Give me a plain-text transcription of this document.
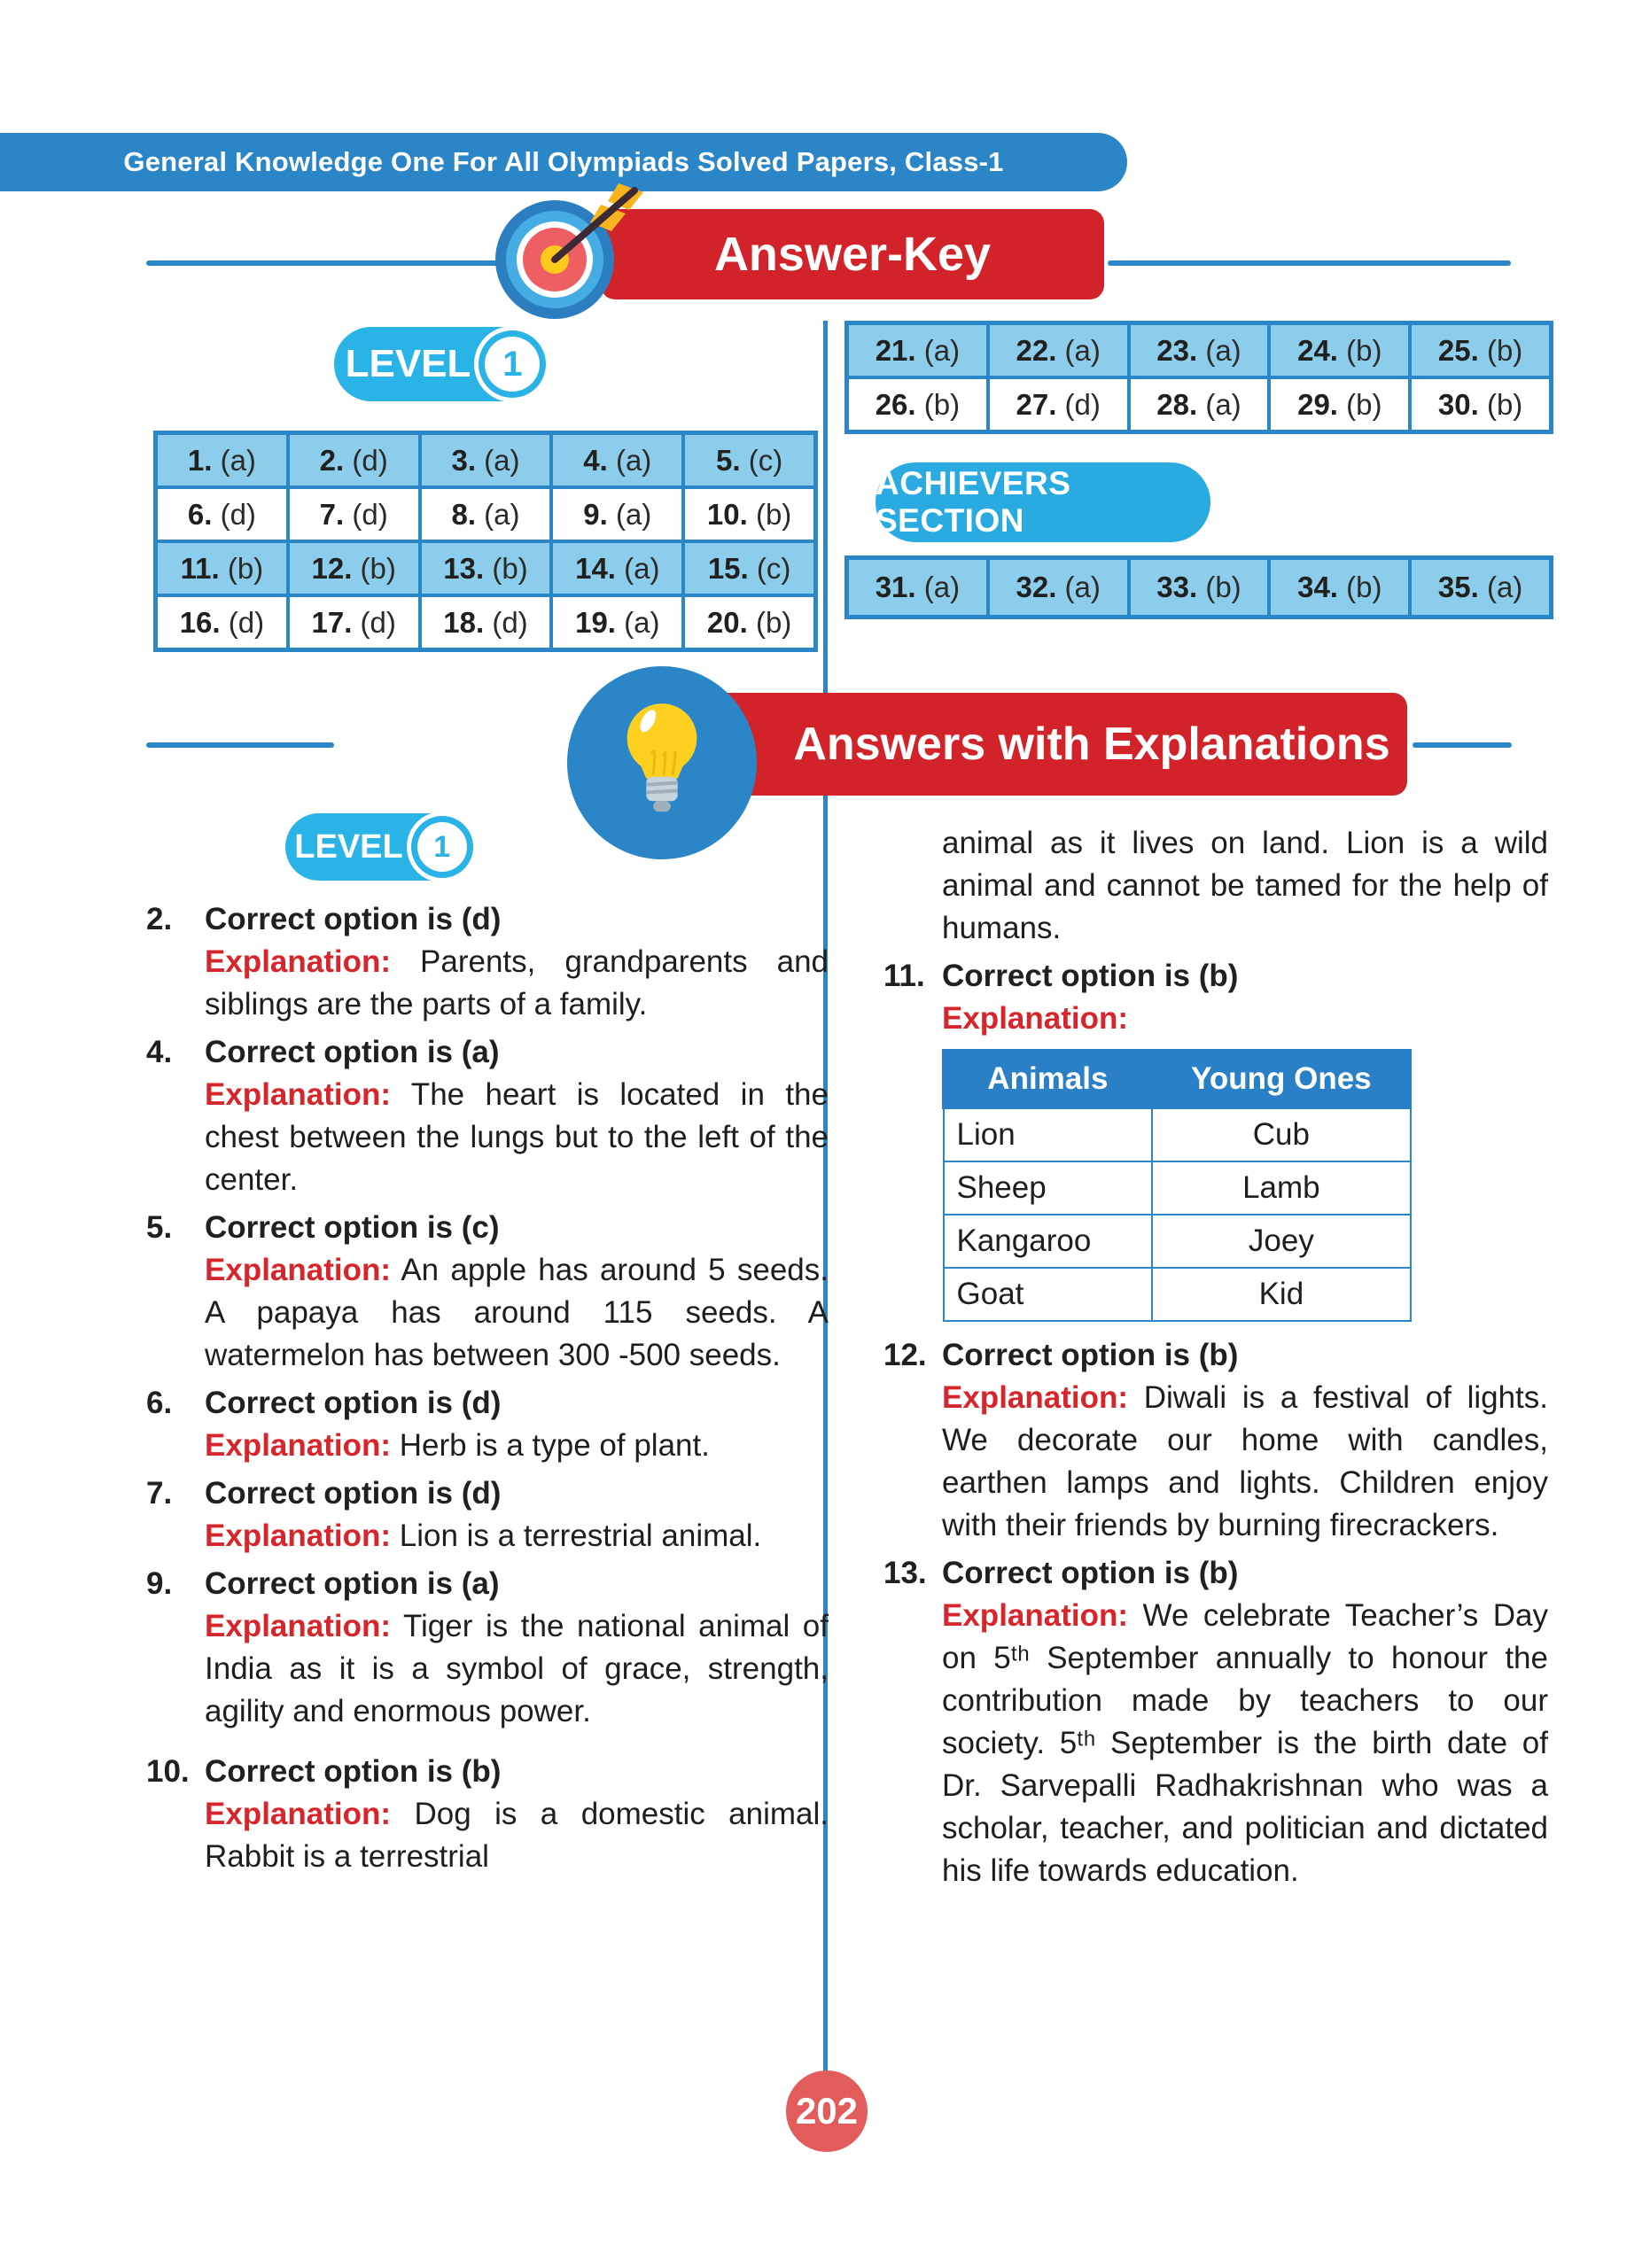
General Knowledge One For All Olympiads Solved Papers, Class-1
Answer-Key
LEVEL 1
1. (a) 2. (d) 3. (a) 4. (a) 5. (c)
6. (d) 7. (d) 8. (a) 9. (a) 10. (b)
11. (b) 12. (b) 13. (b) 14. (a) 15. (c)
16. (d) 17. (d) 18. (d) 19. (a) 20. (b)
21. (a) 22. (a) 23. (a) 24. (b) 25. (b)
26. (b) 27. (d) 28. (a) 29. (b) 30. (b)
ACHIEVERS SECTION
31. (a) 32. (a) 33. (b) 34. (b) 35. (a)
Answers with Explanations
LEVEL 1
2.	Correct option is (d)
Explanation: Parents, grandparents and siblings are the parts of a family.
4.	Correct option is (a)
Explanation: The heart is located in the chest between the lungs but to the left of the center.
5.	Correct option is (c)
Explanation: An apple has around 5 seeds. A papaya has around 115 seeds. A watermelon has between 300 -500 seeds.
6.	Correct option is (d)
Explanation: Herb is a type of plant.
7.	Correct option is (d)
Explanation: Lion is a terrestrial animal.
9.	Correct option is (a)
Explanation: Tiger is the national animal of India as it is a symbol of grace, strength, agility and enormous power.
10. Correct option is (b)
Explanation: Dog is a domestic animal. Rabbit is a terrestrial
animal as it lives on land. Lion is a wild animal and cannot be tamed for the help of humans.
11. Correct option is (b)
Explanation:
Animals	Young Ones
Lion	Cub
Sheep	Lamb
Kangaroo	Joey
Goat	Kid
12. Correct option is (b)
Explanation: Diwali is a festival of lights. We decorate our home with candles, earthen lamps and lights. Children enjoy with their friends by burning firecrackers.
13. Correct option is (b)
Explanation: We celebrate Teacher’s Day on 5ᵗʰ September annually to honour the contribution made by teachers to our society. 5ᵗʰ September is the birth date of Dr. Sarvepalli Radhakrishnan who was a scholar, teacher, and politician and dictated his life towards education.
202
